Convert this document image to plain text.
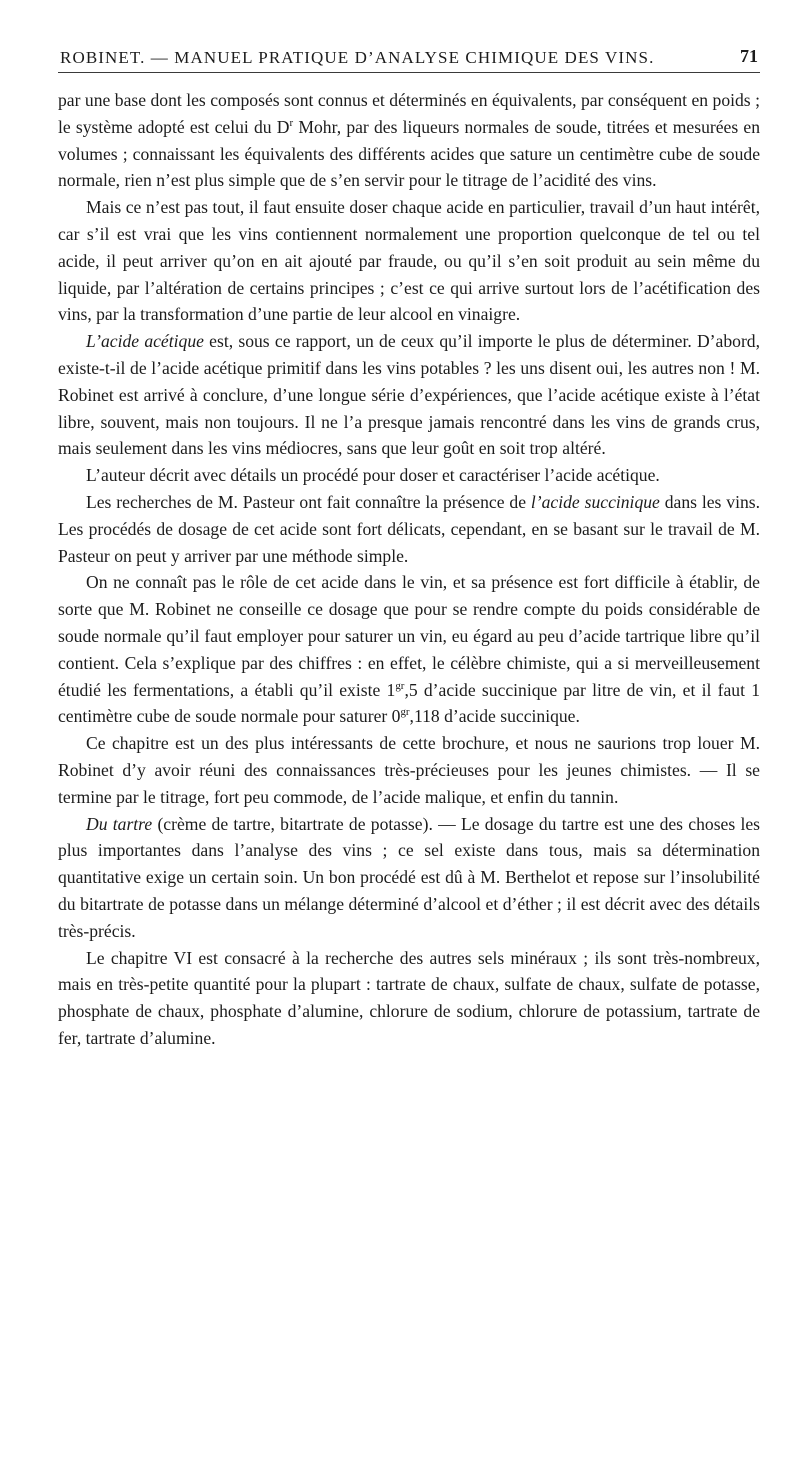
ROBINET. — MANUEL PRATIQUE D’ANALYSE CHIMIQUE DES VINS.	71

par une base dont les composés sont connus et déterminés en équivalents, par conséquent en poids ; le système adopté est celui du $D^r$ Mohr, par des liqueurs normales de soude, titrées et mesurées en volumes ; connaissant les équivalents des différents acides que sature un centimètre cube de soude normale, rien n’est plus simple que de s’en servir pour le titrage de l’acidité des vins.

Mais ce n’est pas tout, il faut ensuite doser chaque acide en particulier, travail d’un haut intérêt, car s’il est vrai que les vins contiennent normalement une proportion quelconque de tel ou tel acide, il peut arriver qu’on en ait ajouté par fraude, ou qu’il s’en soit produit au sein même du liquide, par l’altération de certains principes ; c’est ce qui arrive surtout lors de l’acétification des vins, par la transformation d’une partie de leur alcool en vinaigre.

L’acide acétique est, sous ce rapport, un de ceux qu’il importe le plus de déterminer. D’abord, existe-t-il de l’acide acétique primitif dans les vins potables ? les uns disent oui, les autres non ! M. Robinet est arrivé à conclure, d’une longue série d’expériences, que l’acide acétique existe à l’état libre, souvent, mais non toujours. Il ne l’a presque jamais rencontré dans les vins de grands crus, mais seulement dans les vins médiocres, sans que leur goût en soit trop altéré.

L’auteur décrit avec détails un procédé pour doser et caractériser l’acide acétique.

Les recherches de M. Pasteur ont fait connaître la présence de l’acide succinique dans les vins. Les procédés de dosage de cet acide sont fort délicats, cependant, en se basant sur le travail de M. Pasteur on peut y arriver par une méthode simple.

On ne connaît pas le rôle de cet acide dans le vin, et sa présence est fort difficile à établir, de sorte que M. Robinet ne conseille ce dosage que pour se rendre compte du poids considérable de soude normale qu’il faut employer pour saturer un vin, eu égard au peu d’acide tartrique libre qu’il contient. Cela s’explique par des chiffres : en effet, le célèbre chimiste, qui a si merveilleusement étudié les fermentations, a établi qu’il existe $1^{gr},5$ d’acide succinique par litre de vin, et il faut 1 centimètre cube de soude normale pour saturer $0^{gr},118$ d’acide succinique.

Ce chapitre est un des plus intéressants de cette brochure, et nous ne saurions trop louer M. Robinet d’y avoir réuni des connaissances très-précieuses pour les jeunes chimistes. — Il se termine par le titrage, fort peu commode, de l’acide malique, et enfin du tannin.

Du tartre (crème de tartre, bitartrate de potasse). — Le dosage du tartre est une des choses les plus importantes dans l’analyse des vins ; ce sel existe dans tous, mais sa détermination quantitative exige un certain soin. Un bon procédé est dû à M. Berthelot et repose sur l’insolubilité du bitartrate de potasse dans un mélange déterminé d’alcool et d’éther ; il est décrit avec des détails très-précis.

Le chapitre VI est consacré à la recherche des autres sels minéraux ; ils sont très-nombreux, mais en très-petite quantité pour la plupart : tartrate de chaux, sulfate de chaux, sulfate de potasse, phosphate de chaux, phosphate d’alumine, chlorure de sodium, chlorure de potassium, tartrate de fer, tartrate d’alumine.
